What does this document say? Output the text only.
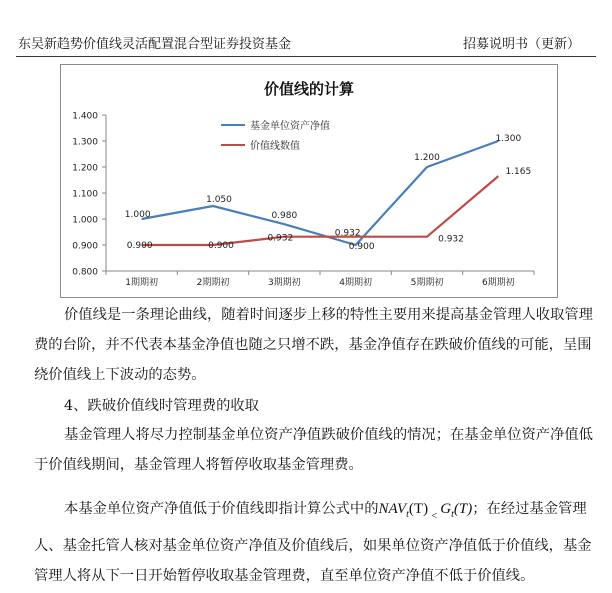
东吴新趋势价值线灵活配置混合型证券投资基金	招募说明书（更新）
价值线的计算
基金单位资产净值
价值线数值
0.800
0.900
1.000
1.100
1.200
1.300
1.400
1期期初	2期期初	3期期初	4期期初	5期期初	6期期初
1.000
1.050
0.980
0.900
1.200
1.300
0.900	0.900
0.932	0.932
0.932
1.165

价值线是一条理论曲线，随着时间逐步上移的特性主要用来提高基金管理人收取管理费的台阶，并不代表本基金净值也随之只增不跌，基金净值存在跌破价值线的可能，呈围绕价值线上下波动的态势。

4、跌破价值线时管理费的收取

基金管理人将尽力控制基金单位资产净值跌破价值线的情况；在基金单位资产净值低于价值线期间，基金管理人将暂停收取基金管理费。

本基金单位资产净值低于价值线即指计算公式中的$NAV_t(T)$ $_<$ $G_t(T)$；在经过基金管理人、基金托管人核对基金单位资产净值及价值线后，如果单位资产净值低于价值线，基金管理人将从下一日开始暂停收取基金管理费，直至单位资产净值不低于价值线。
